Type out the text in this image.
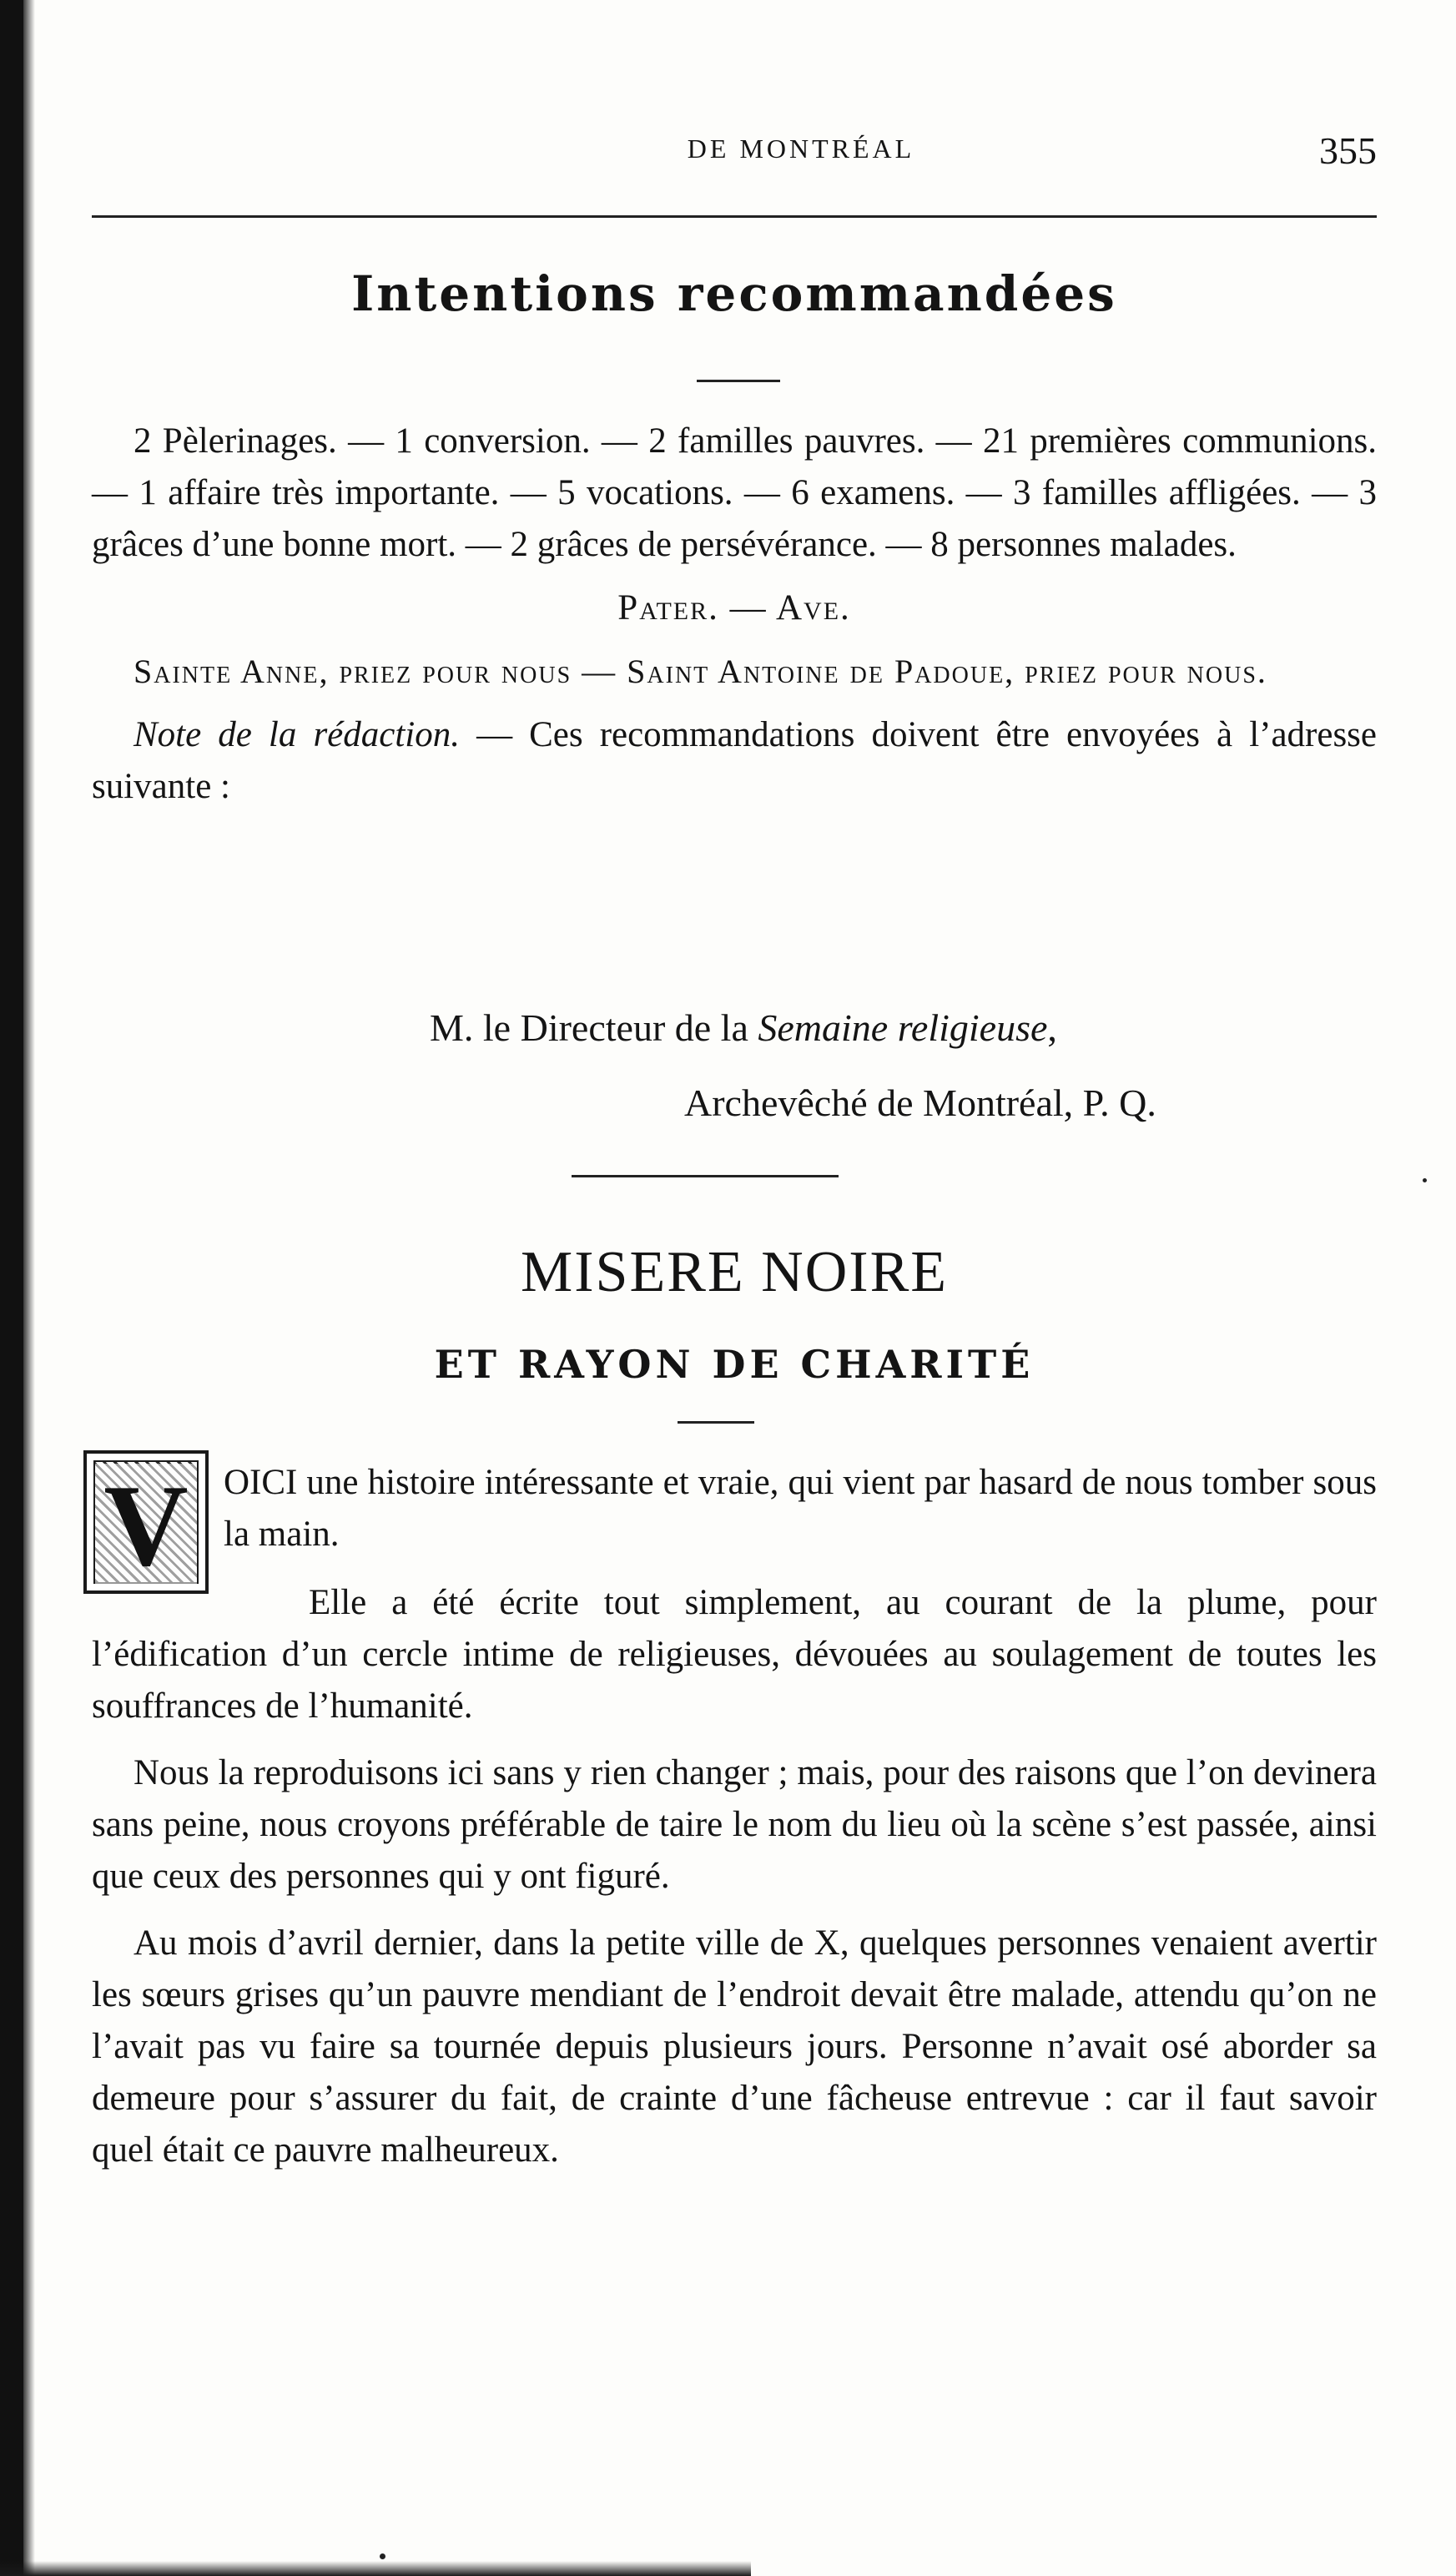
DE MONTRÉAL	355
Intentions recommandées

2 Pèlerinages. — 1 conversion. — 2 familles pauvres. — 21 premières communions. — 1 affaire très importante. — 5 vocations. — 6 examens. — 3 familles affligées. — 3 grâces d’une bonne mort. — 2 grâces de persévérance. — 8 personnes malades.

Pater. — Ave.

Sainte Anne, priez pour nous — Saint Antoine de Padoue, priez pour nous.

Note de la rédaction. — Ces recommandations doivent être envoyées à l’adresse suivante :

M. le Directeur de la Semaine religieuse,
Archevêché de Montréal, P. Q.
MISERE NOIRE
ET RAYON DE CHARITÉ
V OICI une histoire intéressante et vraie, qui vient par hasard de nous tomber sous la main.

Elle a été écrite tout simplement, au courant de la plume, pour l’édification d’un cercle intime de religieuses, dévouées au soulagement de toutes les souffrances de l’humanité.

Nous la reproduisons ici sans y rien changer ; mais, pour des raisons que l’on devinera sans peine, nous croyons préférable de taire le nom du lieu où la scène s’est passée, ainsi que ceux des personnes qui y ont figuré.

Au mois d’avril dernier, dans la petite ville de X, quelques personnes venaient avertir les sœurs grises qu’un pauvre mendiant de l’endroit devait être malade, attendu qu’on ne l’avait pas vu faire sa tournée depuis plusieurs jours. Personne n’avait osé aborder sa demeure pour s’assurer du fait, de crainte d’une fâcheuse entrevue : car il faut savoir quel était ce pauvre malheureux.
